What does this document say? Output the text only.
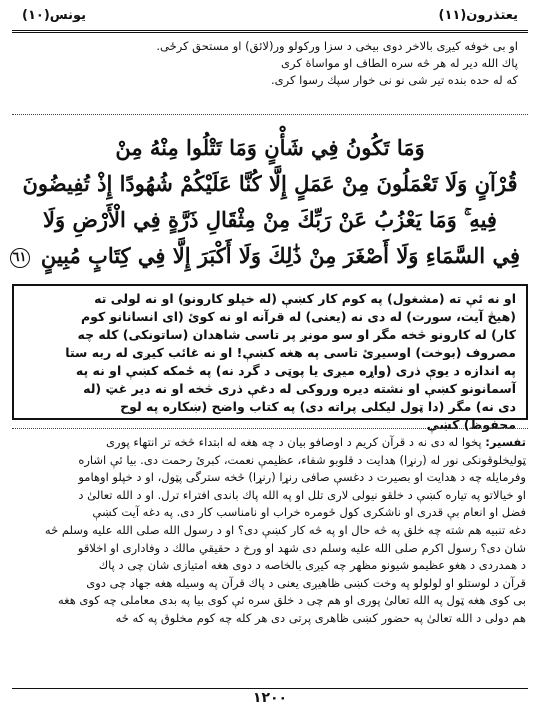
يونس(١٠)	يعتذرون(١١)
او بى خوفه كيږى بالاخر دوى بيخى د سزا وركولو ور(لائق) او مستحق كرځى.
پاك الله دير له هر څه سره الطاف او مواساة كرى
كه له حده بنده تير شى نو نى خوار سپك رسوا كرى.
وَمَا تَكُونُ فِي شَأْنٍ وَمَا تَتْلُوا مِنْهُ مِنْ
قُرْآنٍ وَلَا تَعْمَلُونَ مِنْ عَمَلٍ إِلَّا كُنَّا عَلَيْكُمْ شُهُودًا إِذْ تُفِيضُونَ
فِيهِ ۚ وَمَا يَعْزُبُ عَنْ رَبِّكَ مِنْ مِثْقَالِ ذَرَّةٍ فِي الْأَرْضِ وَلَا
فِي السَّمَاءِ وَلَا أَصْغَرَ مِنْ ذَٰلِكَ وَلَا أَكْبَرَ إِلَّا فِي كِتَابٍ مُبِينٍ ٦١
او نه ئې ته (مشغول) په كوم كار كښې (له خپلو كارونو) او نه لولى ته
(هيڅ آيت، سورت) له دى نه (يعنى) له قرآنه او نه كوئ (اى انسانانو كوم
كار) له كارونو څخه مگر او سو مونږ پر تاسى شاهدان (ساتونكى) كله چه
مصروف (بوخت) اوسيږئ تاسى په هغه كښې! او نه غائب كيږى له ربه ستا
په اندازه د يوې ذرى (واړه ميږى يا پوټى د گرد نه) په ځمكه كښې او نه په
آسمانونو كښې او نشته ديره وروكى له دغې ذرى څخه او نه دير غټ (له
دى نه) مگر (دا ټول ليكلى پراته دى) په كتاب واضح (ښكاره په لوح
محفوظ) كښې
تفسير: پخوا له دى نه د قرآن كريم د اوصافو بيان د چه هغه له ابتداء څخه تر انتهاء پورى
ټوليخلوقونكى نور له (رنړا) هدايت د قلوبو شفاء، عظيمې نعمت، كبرئ رحمت دى. بيا ئې اشاره
وفرمايله چه د هدايت او بصيرت د دغسې صافى رنړا (رنړا) څخه سترگى پټول، او د خپلو اوهامو
او خيالاتو په تياره كښې د خلقو نيولى لارى تلل او په الله پاك باندى افتراء ترل. او د الله تعالىٰ د
فضل او انعام بې قدرى او ناشكرى كول څومره خراب او نامناسب كار دى. په دغه آيت كښې
دغه تنبيه هم شته چه خلق په څه حال او په څه كار كښې دى؟ او د رسول الله صلى الله عليه وسلم څه
شان دى؟ رسول اكرم صلى الله عليه وسلم دى شهد او ورخ د حقيقي مالك د وفادارى او اخلاقو
د همدردى د هغو عظيمو شيونو مظهر چه كيږى بالخاصه د دوى هغه امتيازى شان چى د پاك
قرآن د لوستلو او لولولو په وخت كښى ظاهيږى يعنى د پاك قرآن په وسيله هغه جهاد چى دوى
بى كوى هغه ټول په الله تعالىٰ پورى او هم چى د خلق سره ئې كوى بيا په بدى معاملى چه كوى هغه
هم دولى د الله تعالىٰ په حضور كښى ظاهرى پرتى دى هر كله چه كوم مخلوق په كه څه
١٢٠٠
